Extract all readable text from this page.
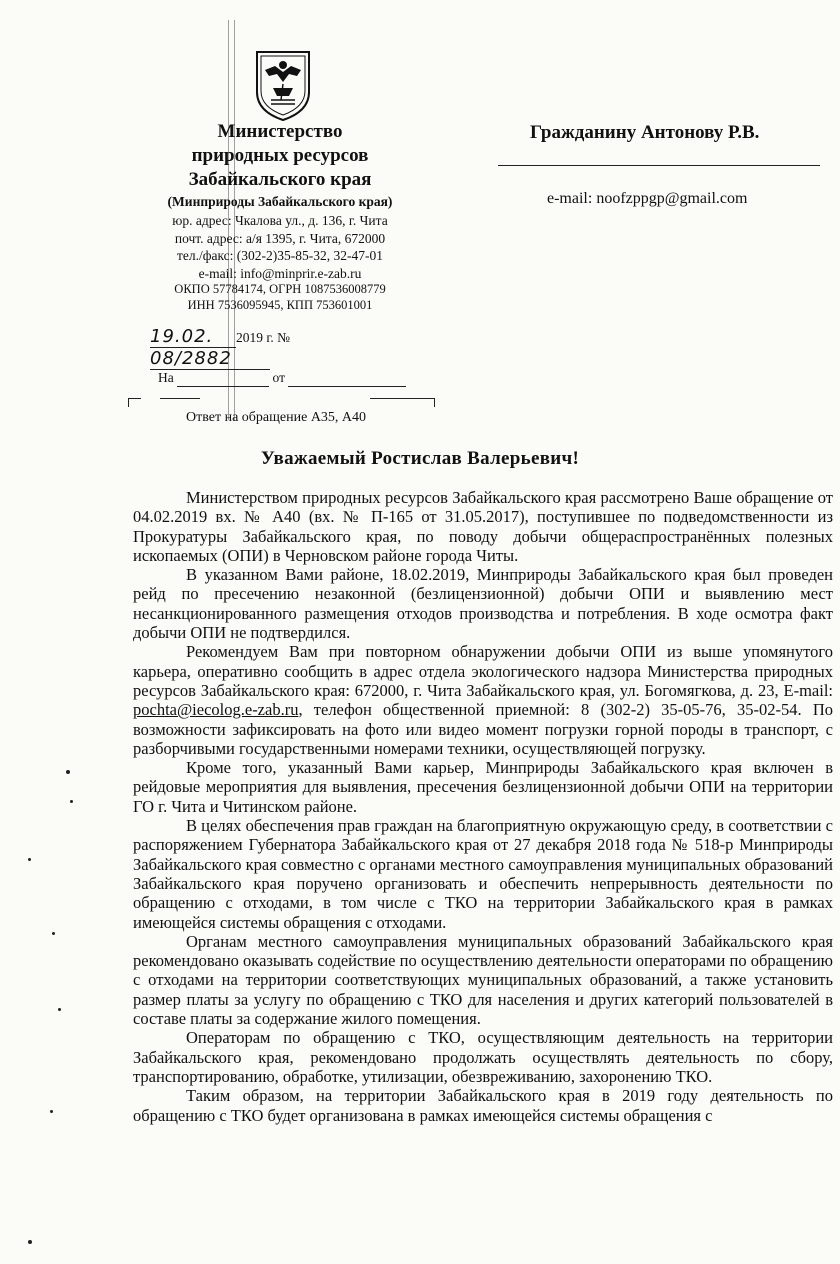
Министерство
природных ресурсов
Забайкальского края
(Минприроды Забайкальского края)
юр. адрес: Чкалова ул., д. 136, г. Чита
почт. адрес: а/я 1395, г. Чита, 672000
тел./факс: (302-2)35-85-32, 32-47-01
e-mail: info@minprir.e-zab.ru
ОКПО 57784174, ОГРН 1087536008779
ИНН 7536095945, КПП 753601001
19.02. 2019 г. № 08/2882
На	от
Ответ на обращение А35, А40
Гражданину Антонову Р.В.
e-mail: noofzppgp@gmail.com
Уважаемый Ростислав Валерьевич!

Министерством природных ресурсов Забайкальского края рассмотрено Ваше обращение от 04.02.2019 вх. № А40 (вх. № П-165 от 31.05.2017), поступившее по подведомственности из Прокуратуры Забайкальского края, по поводу добычи общераспространённых полезных ископаемых (ОПИ) в Черновском районе города Читы.

В указанном Вами районе, 18.02.2019, Минприроды Забайкальского края был проведен рейд по пресечению незаконной (безлицензионной) добычи ОПИ и выявлению мест несанкционированного размещения отходов производства и потребления. В ходе осмотра факт добычи ОПИ не подтвердился.

Рекомендуем Вам при повторном обнаружении добычи ОПИ из выше упомянутого карьера, оперативно сообщить в адрес отдела экологического надзора Министерства природных ресурсов Забайкальского края: 672000, г. Чита Забайкальского края, ул. Богомягкова, д. 23, E-mail: pochta@iecolog.e-zab.ru, телефон общественной приемной: 8 (302-2) 35-05-76, 35-02-54. По возможности зафиксировать на фото или видео момент погрузки горной породы в транспорт, с разборчивыми государственными номерами техники, осуществляющей погрузку.

Кроме того, указанный Вами карьер, Минприроды Забайкальского края включен в рейдовые мероприятия для выявления, пресечения безлицензионной добычи ОПИ на территории ГО г. Чита и Читинском районе.

В целях обеспечения прав граждан на благоприятную окружающую среду, в соответствии с распоряжением Губернатора Забайкальского края от 27 декабря 2018 года № 518-р Минприроды Забайкальского края совместно с органами местного самоуправления муниципальных образований Забайкальского края поручено организовать и обеспечить непрерывность деятельности по обращению с отходами, в том числе с ТКО на территории Забайкальского края в рамках имеющейся системы обращения с отходами.

Органам местного самоуправления муниципальных образований Забайкальского края рекомендовано оказывать содействие по осуществлению деятельности операторами по обращению с отходами на территории соответствующих муниципальных образований, а также установить размер платы за услугу по обращению с ТКО для населения и других категорий пользователей в составе платы за содержание жилого помещения.

Операторам по обращению с ТКО, осуществляющим деятельность на территории Забайкальского края, рекомендовано продолжать осуществлять деятельность по сбору, транспортированию, обработке, утилизации, обезвреживанию, захоронению ТКО.

Таким образом, на территории Забайкальского края в 2019 году деятельность по обращению с ТКО будет организована в рамках имеющейся системы обращения с
